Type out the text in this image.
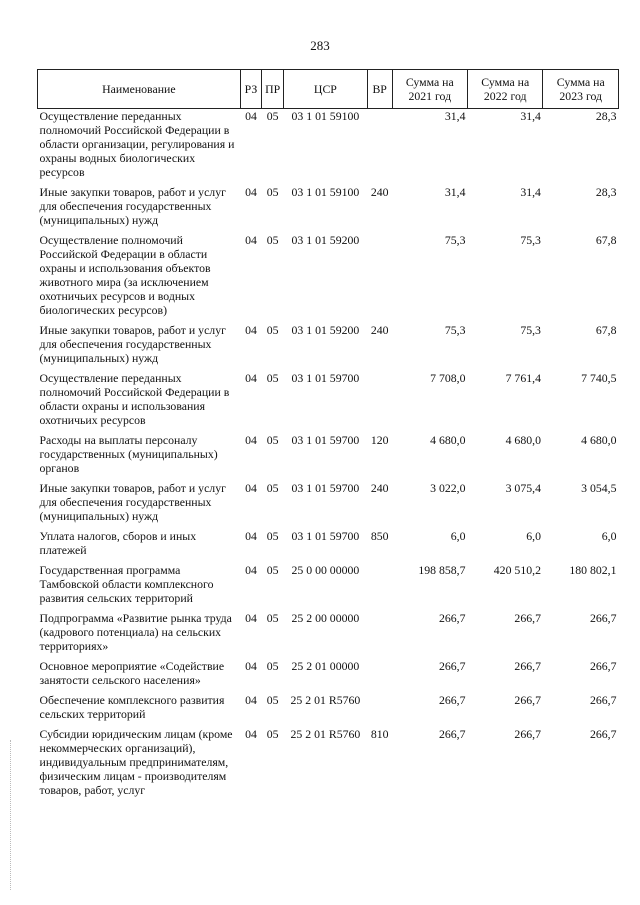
283
Наименование	РЗ	ПР	ЦСР	ВР	Сумма на 2021 год	Сумма на 2022 год	Сумма на 2023 год
Осуществление переданных полномочий Российской Федерации в области организации, регулирования и охраны водных биологических ресурсов	04	05	03 1 01 59100		31,4	31,4	28,3
Иные закупки товаров, работ и услуг для обеспечения государственных (муниципальных) нужд	04	05	03 1 01 59100	240	31,4	31,4	28,3
Осуществление полномочий Российской Федерации в области охраны и использования объектов животного мира (за исключением охотничьих ресурсов и водных биологических ресурсов)	04	05	03 1 01 59200		75,3	75,3	67,8
Иные закупки товаров, работ и услуг для обеспечения государственных (муниципальных) нужд	04	05	03 1 01 59200	240	75,3	75,3	67,8
Осуществление переданных полномочий Российской Федерации в области охраны и использования охотничьих ресурсов	04	05	03 1 01 59700		7 708,0	7 761,4	7 740,5
Расходы на выплаты персоналу государственных (муниципальных) органов	04	05	03 1 01 59700	120	4 680,0	4 680,0	4 680,0
Иные закупки товаров, работ и услуг для обеспечения государственных (муниципальных) нужд	04	05	03 1 01 59700	240	3 022,0	3 075,4	3 054,5
Уплата налогов, сборов и иных платежей	04	05	03 1 01 59700	850	6,0	6,0	6,0
Государственная программа Тамбовской области комплексного развития сельских территорий	04	05	25 0 00 00000		198 858,7	420 510,2	180 802,1
Подпрограмма «Развитие рынка труда (кадрового потенциала) на сельских территориях»	04	05	25 2 00 00000		266,7	266,7	266,7
Основное мероприятие «Содействие занятости сельского населения»	04	05	25 2 01 00000		266,7	266,7	266,7
Обеспечение комплексного развития сельских территорий	04	05	25 2 01 R5760		266,7	266,7	266,7
Субсидии юридическим лицам (кроме некоммерческих организаций), индивидуальным предпринимателям, физическим лицам - производителям товаров, работ, услуг	04	05	25 2 01 R5760	810	266,7	266,7	266,7
